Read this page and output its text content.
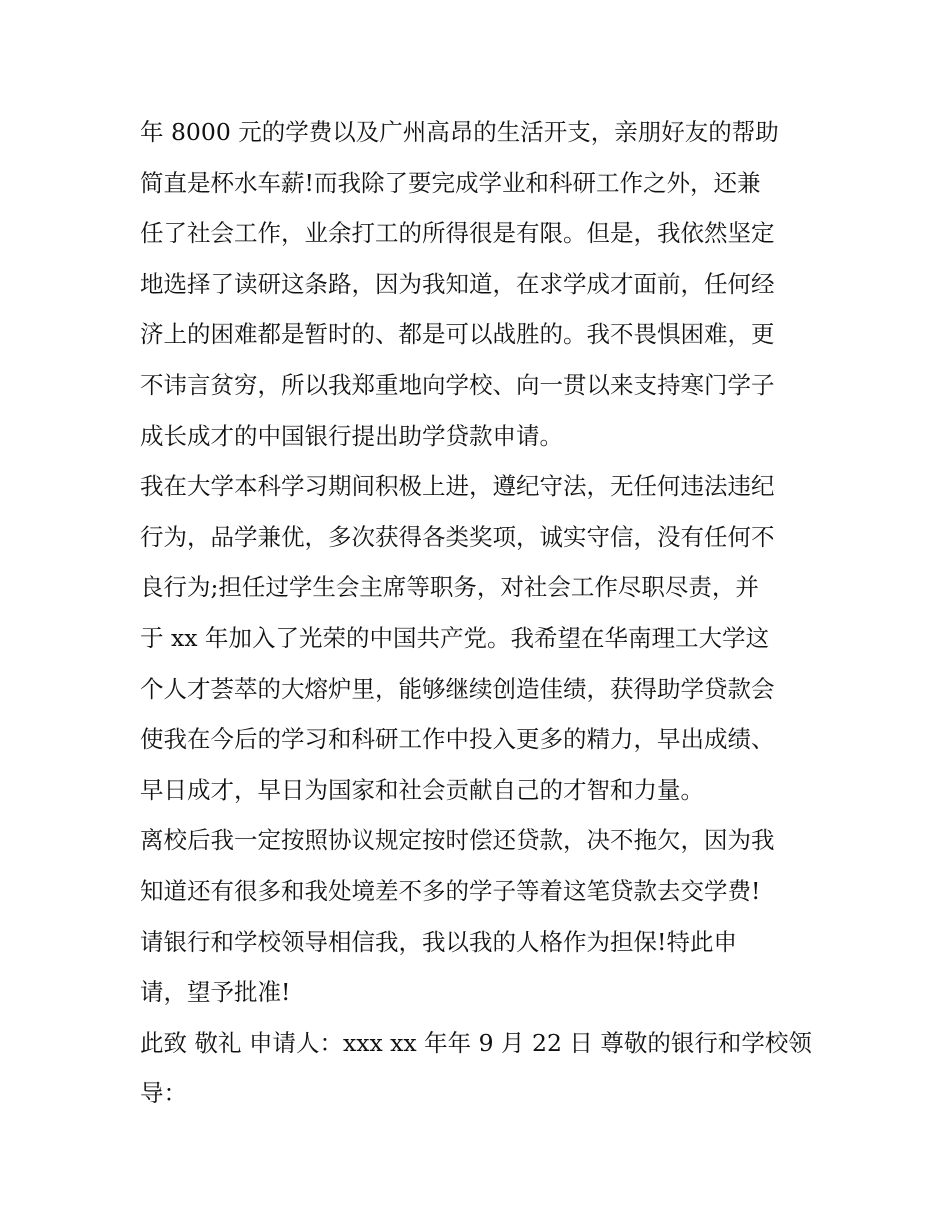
年 8000 元的学费以及广州高昂的生活开支，亲朋好友的帮助
简直是杯水车薪!而我除了要完成学业和科研工作之外，还兼
任了社会工作，业余打工的所得很是有限。但是，我依然坚定
地选择了读研这条路，因为我知道，在求学成才面前，任何经
济上的困难都是暂时的、都是可以战胜的。我不畏惧困难，更
不讳言贫穷，所以我郑重地向学校、向一贯以来支持寒门学子
成长成才的中国银行提出助学贷款申请。
我在大学本科学习期间积极上进，遵纪守法，无任何违法违纪
行为，品学兼优，多次获得各类奖项，诚实守信，没有任何不
良行为;担任过学生会主席等职务，对社会工作尽职尽责，并
于 xx 年加入了光荣的中国共产党。我希望在华南理工大学这
个人才荟萃的大熔炉里，能够继续创造佳绩，获得助学贷款会
使我在今后的学习和科研工作中投入更多的精力，早出成绩、
早日成才，早日为国家和社会贡献自己的才智和力量。
离校后我一定按照协议规定按时偿还贷款，决不拖欠，因为我
知道还有很多和我处境差不多的学子等着这笔贷款去交学费!
请银行和学校领导相信我，我以我的人格作为担保!特此申
请，望予批准!
此致 敬礼 申请人：xxx xx 年年 9 月 22 日 尊敬的银行和学校领
导：
